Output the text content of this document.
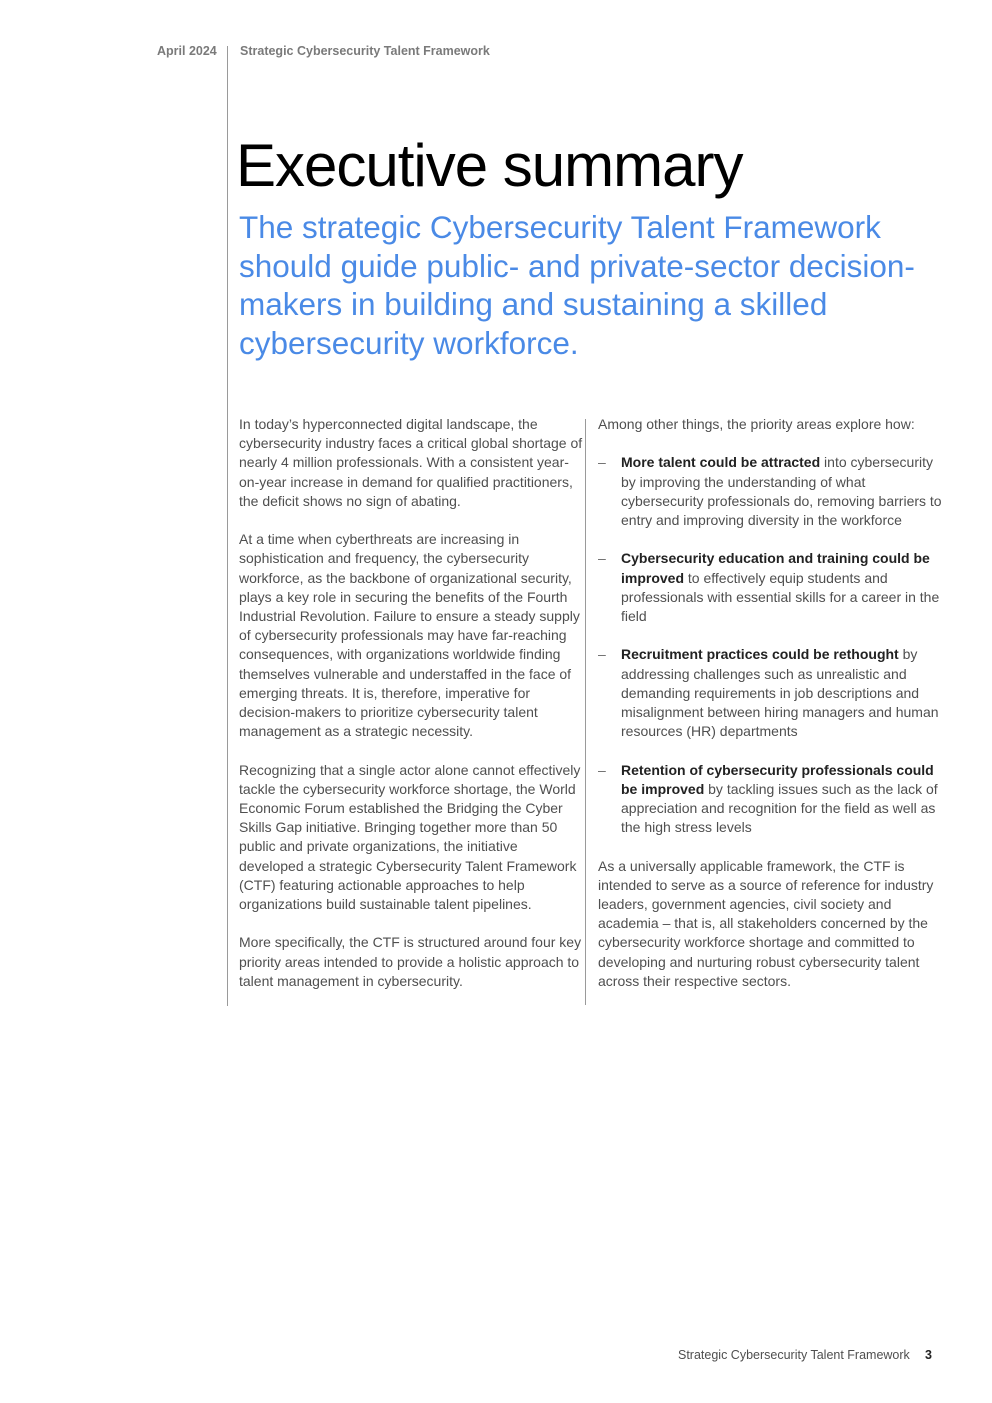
April 2024 Strategic Cybersecurity Talent Framework
Executive summary
The strategic Cybersecurity Talent Framework should guide public- and private-sector decision-makers in building and sustaining a skilled cybersecurity workforce.

In today’s hyperconnected digital landscape, the cybersecurity industry faces a critical global shortage of nearly 4 million professionals. With a consistent year-on-year increase in demand for qualified practitioners, the deficit shows no sign of abating.

At a time when cyberthreats are increasing in sophistication and frequency, the cybersecurity workforce, as the backbone of organizational security, plays a key role in securing the benefits of the Fourth Industrial Revolution. Failure to ensure a steady supply of cybersecurity professionals may have far-reaching consequences, with organizations worldwide finding themselves vulnerable and understaffed in the face of emerging threats. It is, therefore, imperative for decision-makers to prioritize cybersecurity talent management as a strategic necessity.

Recognizing that a single actor alone cannot effectively tackle the cybersecurity workforce shortage, the World Economic Forum established the Bridging the Cyber Skills Gap initiative. Bringing together more than 50 public and private organizations, the initiative developed a strategic Cybersecurity Talent Framework (CTF) featuring actionable approaches to help organizations build sustainable talent pipelines.

More specifically, the CTF is structured around four key priority areas intended to provide a holistic approach to talent management in cybersecurity.

Among other things, the priority areas explore how:

– More talent could be attracted into cybersecurity by improving the understanding of what cybersecurity professionals do, removing barriers to entry and improving diversity in the workforce
– Cybersecurity education and training could be improved to effectively equip students and professionals with essential skills for a career in the field
– Recruitment practices could be rethought by addressing challenges such as unrealistic and demanding requirements in job descriptions and misalignment between hiring managers and human resources (HR) departments
– Retention of cybersecurity professionals could be improved by tackling issues such as the lack of appreciation and recognition for the field as well as the high stress levels

As a universally applicable framework, the CTF is intended to serve as a source of reference for industry leaders, government agencies, civil society and academia – that is, all stakeholders concerned by the cybersecurity workforce shortage and committed to developing and nurturing robust cybersecurity talent across their respective sectors.

Strategic Cybersecurity Talent Framework 3
